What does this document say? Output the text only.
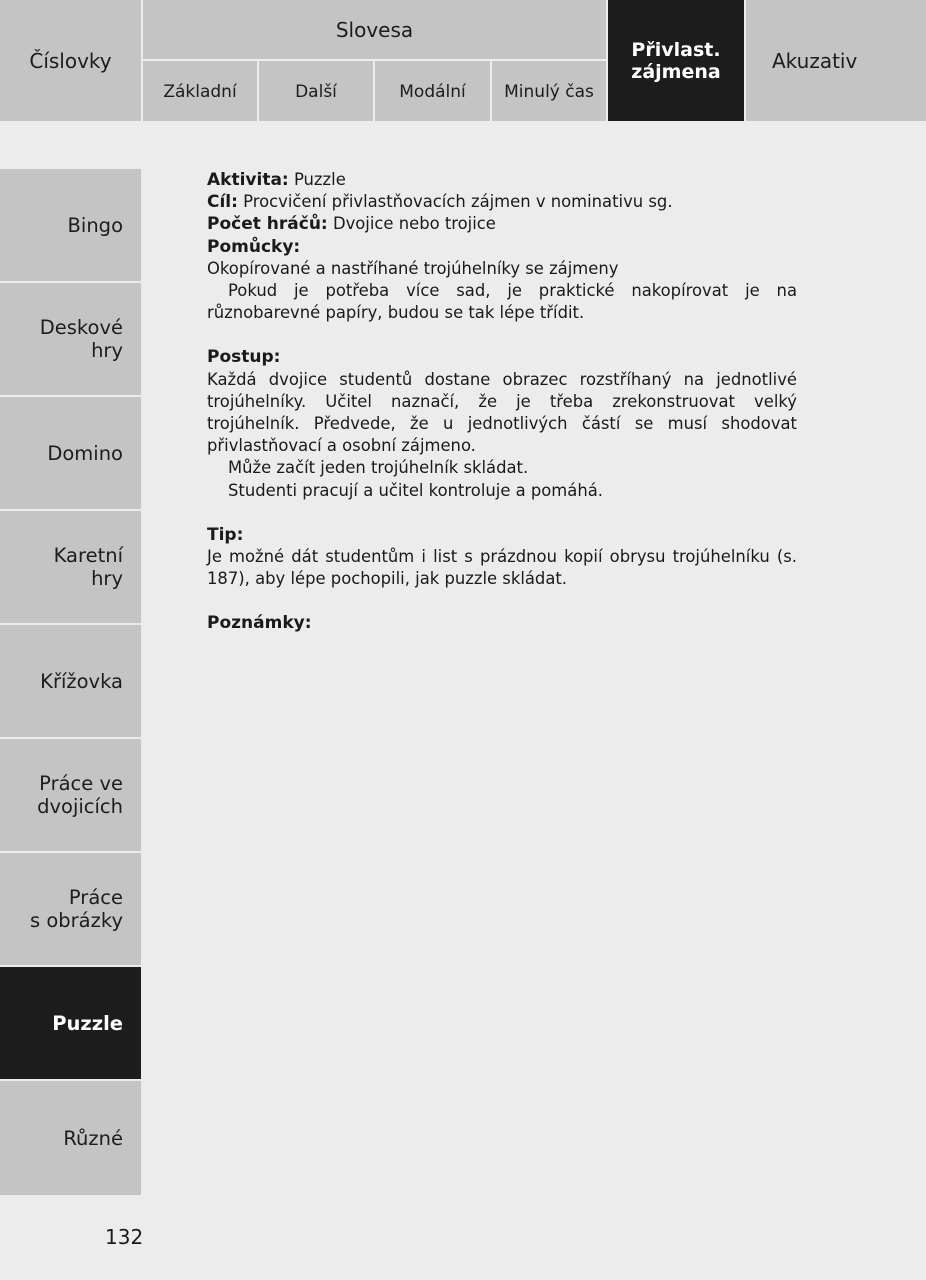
Číslovky
Slovesa
Základní	Další	Modální Minulý čas
Přivlast.
zájmena	Akuzativ
Bingo
Deskové
hry
Domino
Karetní
hry
Křížovka
Práce ve
dvojicích
Práce
s obrázky
Puzzle
Různé

Aktivita: Puzzle

Cíl: Procvičení přivlastňovacích zájmen v nominativu sg.

Počet hráčů: Dvojice nebo trojice

Pomůcky:

Okopírované a nastříhané trojúhelníky se zájmeny

Pokud je potřeba více sad, je praktické nakopírovat je na různobarevné papíry, budou se tak lépe třídit.

Postup:

Každá dvojice studentů dostane obrazec rozstříhaný na jednotlivé trojúhelníky. Učitel naznačí, že je třeba zrekonstruovat velký trojúhelník. Předvede, že u jednotlivých částí se musí shodovat přivlastňovací a osobní zájmeno.

Může začít jeden trojúhelník skládat.

Studenti pracují a učitel kontroluje a pomáhá.

Tip:

Je možné dát studentům i list s prázdnou kopií obrysu trojúhelníku (s. 187), aby lépe pochopili, jak puzzle skládat.

Poznámky:

132
